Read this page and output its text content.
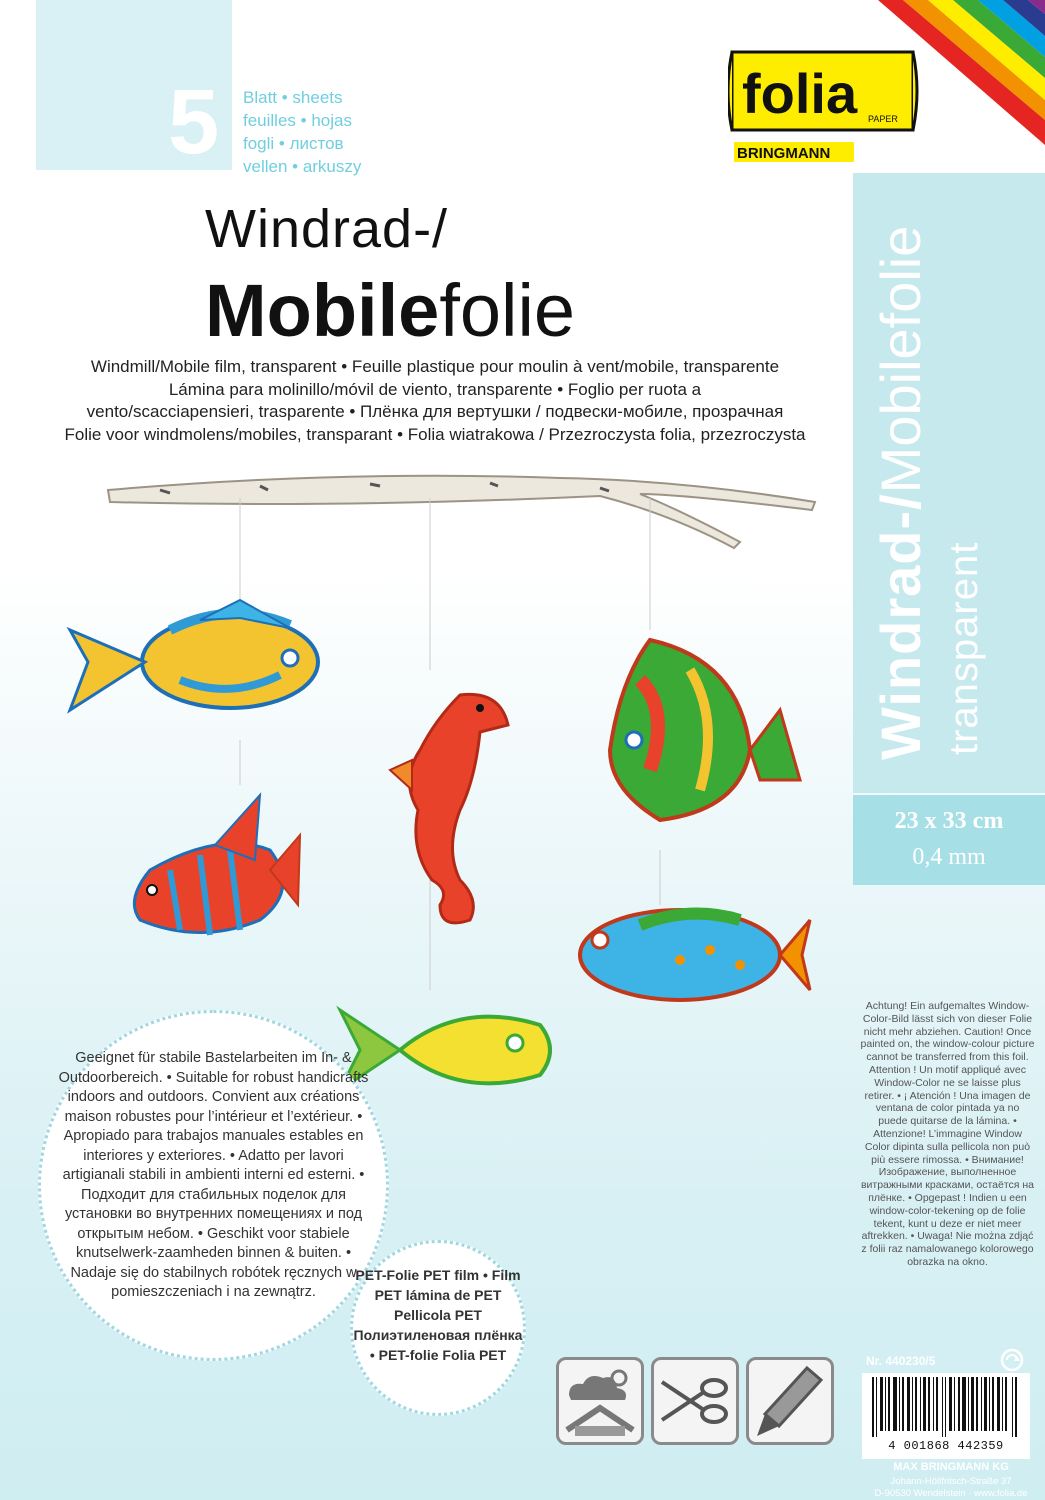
5 Blatt • sheets
feuilles • hojas
fogli • листов
vellen • arkuszy
Windrad-/Mobilefolie
transparent
23 x 33 cm
0,4 mm
folia PAPER
BRINGMANN
Windrad-/
Mobilefolie
Windmill/Mobile film, transparent • Feuille plastique pour moulin à vent/mobile, transparente
Lámina para molinillo/móvil de viento, transparente • Foglio per ruota a
vento/scacciapensieri, trasparente • Плёнка для вертушки / подвески-мобиле, прозрачная
Folie voor windmolens/mobiles, transparant • Folia wiatrakowa / Przezroczysta folia, przezroczysta
Geeignet für stabile Bastelarbeiten im In- & Outdoorbereich. • Suitable for robust handicrafts indoors and outdoors. Convient aux créations maison robustes pour l’intérieur et l’extérieur. • Apropiado para trabajos manuales estables en interiores y exteriores. • Adatto per lavori artigianali stabili in ambienti interni ed esterni. • Подходит для стабильных поделок для установки во внутренних помещениях и под открытым небом. • Geschikt voor stabiele knutselwerk-zaamheden binnen & buiten. • Nadaje się do stabilnych robótek ręcznych w pomieszczeniach i na zewnątrz.
PET-Folie PET film • Film PET lámina de PET Pellicola PET Полиэтиленовая плёнка • PET-folie Folia PET
Achtung! Ein aufgemaltes Window-Color-Bild lässt sich von dieser Folie nicht mehr abziehen. Caution! Once painted on, the window-colour picture cannot be transferred from this foil. Attention ! Un motif appliqué avec Window-Color ne se laisse plus retirer. • ¡ Atención ! Una imagen de ventana de color pintada ya no puede quitarse de la lámina. • Attenzione! L’immagine Window Color dipinta sulla pellicola non può più essere rimossa. • Внимание! Изображение, выполненное витражными красками, остаётся на плёнке. • Opgepast ! Indien u een window-color-tekening op de folie tekent, kunt u deze er niet meer aftrekken. • Uwaga! Nie można zdjąć z folii raz namalowanego kolorowego obrazka na okno.
Nr. 440230/5
4 001868 442359
MAX BRINGMANN KG
Johann-Höllfritsch-Straße 37
D-90530 Wendelstein · www.folia.de
